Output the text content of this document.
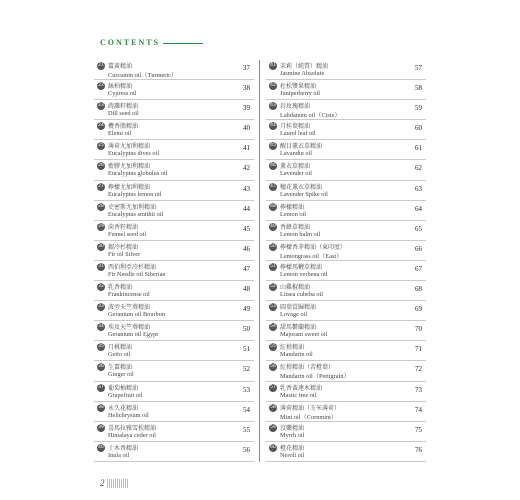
CONTENTS
21 薑黃精油
Curcumin oil（Turmeric）
37
22 絲柏精油
Cypress oil
38
23 蒔蘿籽精油
Dill seed oil
39
24 欖香脂精油
Elemi oil
40
25 薄荷尤加利精油
Eucalyptus dives oil
41
26 藍膠尤加利精油
Eucalyptus globulus oil
42
27 檸檬尤加利精油
Eucalyptus lemon oil
43
28 史密斯尤加利精油
Eucalyptus smithii oil
44
29 茴香籽精油
Fennel seed oil
45
30 銀冷杉精油
Fir oil Silver
46
31 西伯利亞冷杉精油
Fir Needle oil Siberian
47
32 乳香精油
Frankincense oil
48
33 波旁天竺葵精油
Geranium oil Bourbon
49
34 埃及天竺葵精油
Geranium oil Egypt
50
35 月桃精油
Getto oil
51
36 生薑精油
Ginger oil
52
37 葡萄柚精油
Grapefruit oil
53
38 永久花精油
Helichrysum oil
54
39 喜馬拉雅雪松精油
Himalaya ceder oil
55
40 土木香精油
Inula oil
56
41 茉莉（純質）精油
Jasmine Absolute
57
42 杜松漿果精油
Juniperberry oil
58
43 岩玫瑰精油
Labdanum oil（Ciste）
59
44 月桂葉精油
Laurel leaf oil
60
45 醒目薰衣草精油
Lavandin oil
61
46 薰衣草精油
Lavender oil
62
47 穗花薰衣草精油
Lavender Spike oil
63
48 檸檬精油
Lemon oil
64
49 香蜂草精油
Lemon balm oil
65
50 檸檬香茅精油（東印度）
Lemongrass oil（East）
66
51 檸檬馬鞭草精油
Lemon verbena oil
67
52 山雞椒精油
Litsea cubeba oil
68
53 圓葉當歸精油
Lovage oil
69
54 甜馬鬱蘭精油
Majoram sweet oil
70
55 紅柑精油
Mandarin oil
71
56 紅柑精油（苦橙葉）
Mandarin oil（Petitgrain）
72
57 乳香黃連木精油
Mastic tree oil
73
58 薄荷精油（玉米薄荷）
Mint oil（Cornmint）
74
59 沒藥精油
Myrrh oil
75
60 橙花精油
Neroli oil
76
2
